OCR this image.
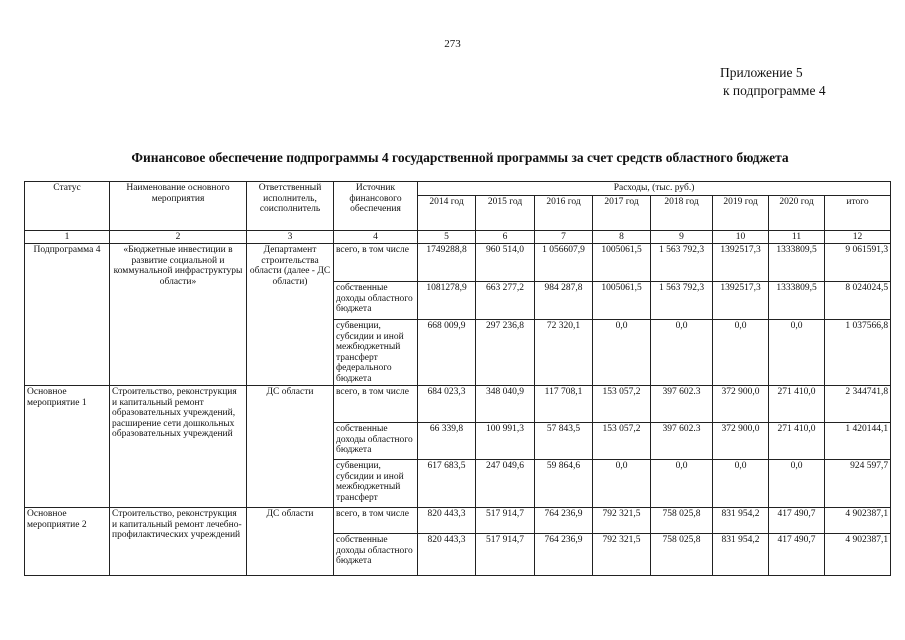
273
Приложение 5
к подпрограмме 4
Финансовое обеспечение подпрограммы 4 государственной программы за счет средств областного бюджета
Статус	Наименование основного мероприятия	Ответственный исполнитель, соисполнитель	Источник финансового обеспечения	Расходы, (тыс. руб.)							
				2014 год	2015 год	2016 год	2017 год	2018 год	2019 год	2020 год	итого
1	2	3	4	5	6	7	8	9	10	11	12
Подпрограмма 4	«Бюджетные инвестиции в развитие социальной и коммунальной инфраструктуры области»	Департамент строительства области (далее - ДС области)	всего, в том числе	1749288,8	960 514,0	1 056607,9	1005061,5	1 563 792,3	1392517,3	1333809,5	9 061591,3
			собственные доходы областного бюджета	1081278,9	663 277,2	984 287,8	1005061,5	1 563 792,3	1392517,3	1333809,5	8 024024,5
			субвенции, субсидии и иной межбюджетный трансферт федерального бюджета	668 009,9	297 236,8	72 320,1	0,0	0,0	0,0	0,0	1 037566,8
Основное мероприятие 1	Строительство, реконструкция и капитальный ремонт образовательных учреждений, расширение сети дошкольных образовательных учреждений	ДС области	всего, в том числе	684 023,3	348 040,9	117 708,1	153 057,2	397 602.3	372 900,0	271 410,0	2 344741,8
			собственные доходы областного бюджета	66 339,8	100 991,3	57 843,5	153 057,2	397 602.3	372 900,0	271 410,0	1 420144,1
			субвенции, субсидии и иной межбюджетный трансферт	617 683,5	247 049,6	59 864,6	0,0	0,0	0,0	0,0	924 597,7
Основное мероприятие 2	Строительство, реконструкция и капитальный ремонт лечебно-профилактических учреждений	ДС области	всего, в том числе	820 443,3	517 914,7	764 236,9	792 321,5	758 025,8	831 954,2	417 490,7	4 902387,1
			собственные доходы областного бюджета	820 443,3	517 914,7	764 236,9	792 321,5	758 025,8	831 954,2	417 490,7	4 902387,1
